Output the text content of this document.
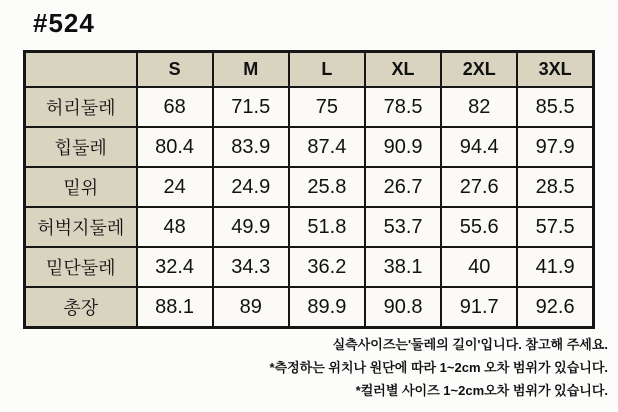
#524
	S	M	L	XL	2XL	3XL
허리둘레	68	71.5	75	78.5	82	85.5
힙둘레	80.4	83.9	87.4	90.9	94.4	97.9
밑위	24	24.9	25.8	26.7	27.6	28.5
허벅지둘레	48	49.9	51.8	53.7	55.6	57.5
밑단둘레	32.4	34.3	36.2	38.1	40	41.9
총장	88.1	89	89.9	90.8	91.7	92.6
실측사이즈는'둘레의 길이'입니다. 참고해 주세요.
*측정하는 위치나 원단에 따라 1~2cm 오차 범위가 있습니다.
*컬러별 사이즈 1~2cm오차 범위가 있습니다.
